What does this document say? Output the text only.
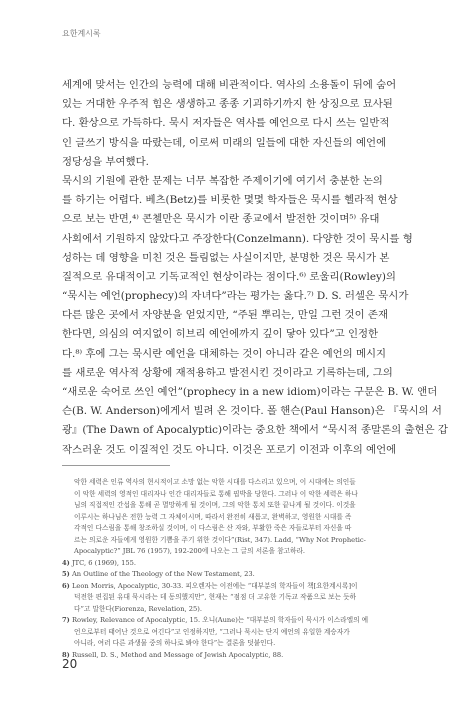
요한계시록
세계에 맞서는 인간의 능력에 대해 비관적이다. 역사의 소용돌이 뒤에 숨어
있는 거대한 우주적 힘은 생생하고 종종 기괴하기까지 한 상징으로 묘사된
다. 환상으로 가득하다. 묵시 저자들은 역사를 예언으로 다시 쓰는 일반적
인 글쓰기 방식을 따랐는데, 이로써 미래의 일들에 대한 자신들의 예언에
정당성을 부여했다.
묵시의 기원에 관한 문제는 너무 복잡한 주제이기에 여기서 충분한 논의
를 하기는 어렵다. 베츠(Betz)를 비롯한 몇몇 학자들은 묵시를 헬라적 현상
으로 보는 반면,⁴⁾ 콘첼만은 묵시가 이란 종교에서 발전한 것이며⁵⁾ 유대
사회에서 기원하지 않았다고 주장한다(Conzelmann). 다양한 것이 묵시를 형
성하는 데 영향을 미친 것은 틀림없는 사실이지만, 분명한 것은 묵시가 본
질적으로 유대적이고 기독교적인 현상이라는 점이다.⁶⁾ 로울리(Rowley)의
“묵시는 예언(prophecy)의 자녀다”라는 평가는 옳다.⁷⁾ D. S. 러셀은 묵시가
다른 많은 곳에서 자양분을 얻었지만, “주된 뿌리는, 만일 그런 것이 존재
한다면, 의심의 여지없이 히브리 예언에까지 깊이 닿아 있다”고 인정한
다.⁸⁾ 후에 그는 묵시란 예언을 대체하는 것이 아니라 같은 예언의 메시지
를 새로운 역사적 상황에 재적용하고 발전시킨 것이라고 기록하는데, 그의
“새로운 숙어로 쓰인 예언”(prophecy in a new idiom)이라는 구문은 B. W. 앤더
슨(B. W. Anderson)에게서 빌려 온 것이다. 폴 핸슨(Paul Hanson)은 『묵시의 서
광』(The Dawn of Apocalyptic)이라는 중요한 책에서 “묵시적 종말론의 출현은 갑
작스러운 것도 이질적인 것도 아니다. 이것은 포로기 이전과 이후의 예언에
악한 세력은 인류 역사의 현시적이고 소망 없는 악한 시대를 다스리고 있으며, 이 시대에는 의인들
이 악한 세력의 영적인 대리자나 인간 대리자들로 통해 핍박을 당한다. 그러나 이 악한 세력은 하나
님의 직접적인 간섭을 통해 곧 멸망하게 될 것이며, 그의 악한 통치 또한 끝나게 될 것이다. 이것을
이루시는 하나님은 전한 능력 그 자체이시며, 따라서 완전히 새롭고, 완벽하고, 영원한 시대를 즉
각적인 다스림을 통해 창조하실 것이며, 이 다스림은 산 자와, 부활한 죽은 자들로부터 자신을 따
르는 의로운 자들에게 영원한 기쁨을 주기 위한 것이다”(Rist, 347). Ladd, “Why Not Prophetic-
Apocalyptic?” JBL 76 (1957), 192-200에 나오는 그 글의 서론을 참고하라.
4) JTC, 6 (1969), 155.
5) An Outline of the Theology of the New Testament, 23.
6) Leon Morris, Apocalyptic, 30-33. 피오렌자는 이전에는 “대부분의 학자들이 책[요한계시록]이
덕전한 편집된 유대 묵시라는 데 동의했지만”, 현재는 “점점 더 고유한 기독교 작품으로 보는 듯하
다”고 말한다(Fiorenza, Revelation, 25).
7) Rowley, Relevance of Apocalyptic, 15. 오니(Aune)는 “대부분의 학자들이 묵시가 이스라엘의 예
언으로부터 태어난 것으로 여긴다”고 인정하지만, “그러나 묵시는 단지 예언의 유일한 계승자가
아니라, 여러 다른 과생물 중의 하나로 봐야 한다”는 결론을 덧붙인다.
8) Russell, D. S., Method and Message of Jewish Apocalyptic, 88.
20
